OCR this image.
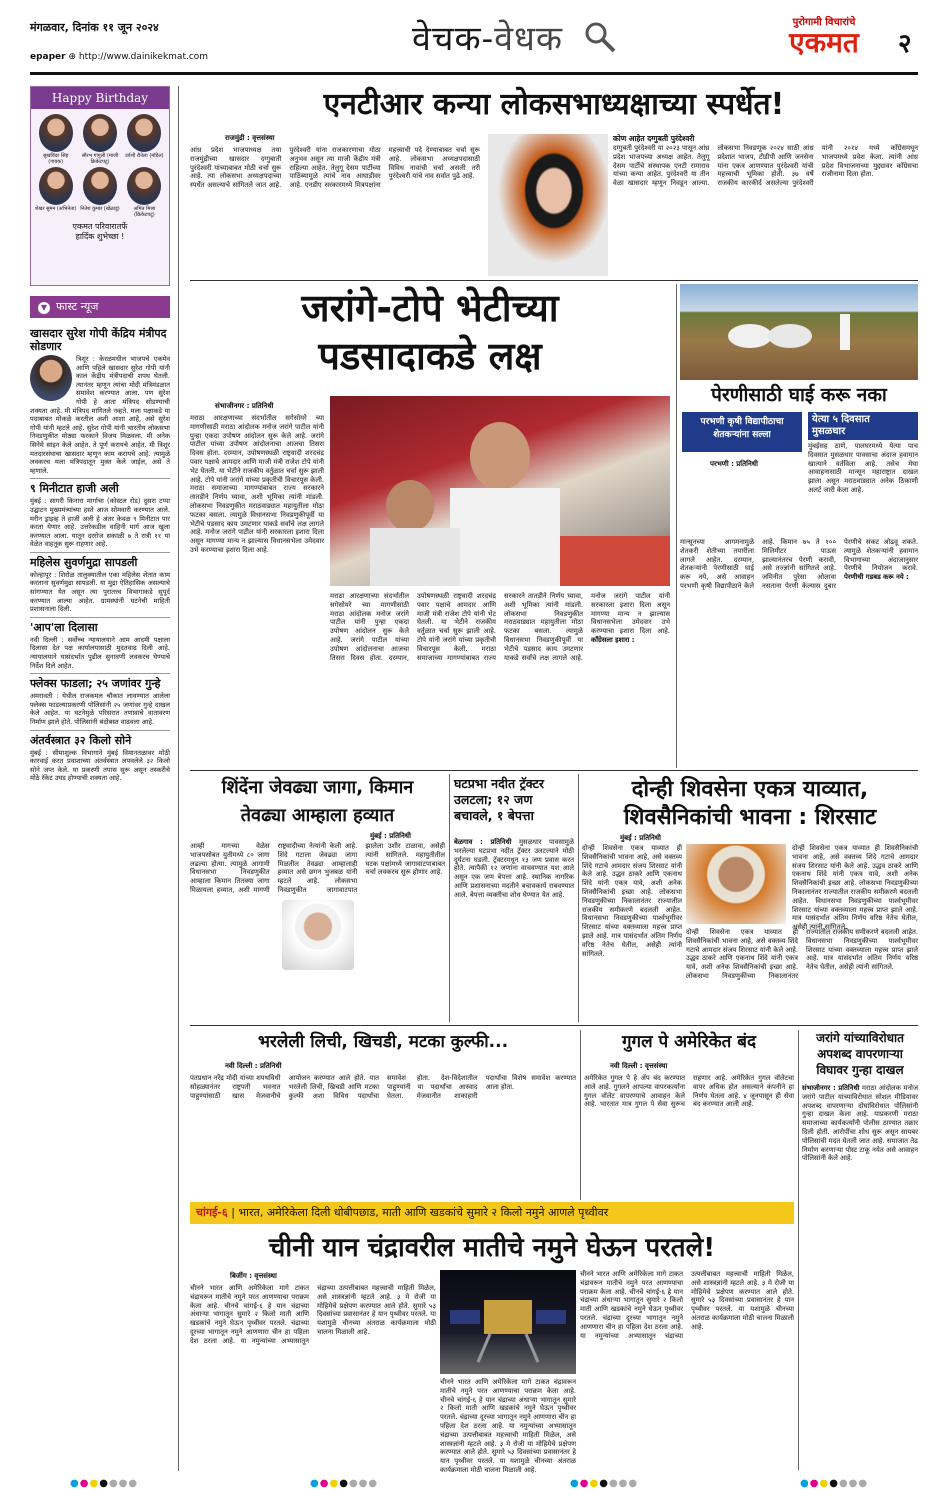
मंगळवार, दिनांक ११ जून २०२४
epaper ⊕ http://www.dainikekmat.com	वेचक-वेधक	पुरोगामी विचारांचे
एकमत	२
Happy Birthday
सुखविंदर सिंह (गायक)
सौरभ गांगुली (माजी क्रिकेटपटू)
उर्वशी रौतेला (मॉडेल)
शेखर सुमन (अभिनेता) नितेश कुमार (खेळाडू)	अमित मिश्रा (क्रिकेटपटू)
एकमत परिवारातर्फे
हार्दिक शुभेच्छा !
▼ फास्ट न्यूज
खासदार सुरेश गोपी केंद्रिय मंत्रीपद सोडणार
त्रिशूर : केरळमधील भाजपचे एकमेव आणि पहिले खासदार सुरेश गोपी यांनी काल केंद्रीय मंत्रीपदाची शपथ घेतली. त्यानंतर म्हणून त्यांचा मोदी मंत्रिमंडळात समावेश करण्यात आला. पण सुरेश गोपी हे आता मंत्रिपद सोडण्याची शक्यता आहे. मी मंत्रिपद मागितले नव्हते. मला पक्षाकडे या पदाबाबत मोकळे करतील अशी आशा आहे, असे सुरेश गोपी यांनी म्हटले आहे. सुरेश गोपी यांनी भारतीय लोकसभा निवडणुकीत मोठ्या फरकाने विजय मिळवला. मी अनेक सिनेमे साइन केले आहेत. ते पूर्ण करायचे आहेत. मी त्रिशूर मतदारसंघाचा खासदार म्हणून काम करायचे आहे. त्यामुळे लवकरच मला मंत्रिपदातून मुक्त केले जाईल, असे ते म्हणाले.
९ मिनीटात हाजी अली
मुंबई : सागरी किनारा मार्गाचा (कोस्टल रोड) दुसरा टप्पा उद्घाटन मुख्यमंत्र्यांच्या हस्ते आज सोमवारी करण्यात आले. मरीन ड्राइव्ह ते हाजी अली हे अंतर केवळ ९ मिनीटात पार करता येणार आहे. उत्तरेकडील वाहिनी मार्ग आज खुला करण्यात आला. यातून दररोज सकाळी ७ ते रात्री ११ या वेळेत वाहतूक सुरू राहणार आहे.
महिलेस सुवर्णमुद्रा सापडली
कोल्हापूर : शिरोळ तालुक्यातील एका महिलेस शेतात काम करताना सुवर्णमुद्रा सापडली. या मुद्रा ऐतिहासिक असल्याचे सांगण्यात येत असून त्या पुरातत्त्व विभागाकडे सुपूर्द करण्यात आल्या आहेत. ग्रामस्थांनी घटनेची माहिती प्रशासनाला दिली.
'आप'ला दिलासा
नवी दिल्ली : सर्वोच्च न्यायालयाने आम आदमी पक्षाला दिलासा देत पक्ष कार्यालयासाठी मुदतवाढ दिली आहे. न्यायालयाने यासंदर्भात पुढील सुनावणी लवकरच घेण्याचे निर्देश दिले आहेत.
फ्लेक्स फाडला; २५ जणांवर गुन्हे
अमरावती : येथील राजकमल चौकात लावण्यात आलेला फ्लेक्स फाडल्याप्रकरणी पोलिसांनी २५ जणांवर गुन्हे दाखल केले आहेत. या घटनेमुळे परिसरात तणावाचे वातावरण निर्माण झाले होते. पोलिसांनी बंदोबस्त वाढवला आहे.
अंतर्वस्त्रात ३२ किलो सोने
मुंबई : सीमाशुल्क विभागाने मुंबई विमानतळावर मोठी कारवाई करत प्रवाशाच्या अंतर्वस्त्रात लपवलेले ३२ किलो सोने जप्त केले. या प्रकरणी तपास सुरू असून तस्करीचे मोठे रॅकेट उघड होण्याची शक्यता आहे.
एनटीआर कन्या लोकसभाध्यक्षाच्या स्पर्धेत!
राजमुंद्री : वृत्तसंस्था
आंध्र प्रदेश भाजपाध्यक्ष तथा राजमुंद्रीच्या खासदार दग्गुबाती पुरंदेश्वरी यांच्याबाबत मोठी चर्चा सुरू आहे. त्या लोकसभा अध्यक्षपदाच्या स्पर्धेत असल्याचे सांगितले जात आहे. पुरंदेश्वरी यांना राजकारणाचा मोठा अनुभव असून त्या माजी केंद्रीय मंत्री राहिल्या आहेत. तेलुगू देसम पार्टीच्या पाठिंब्यामुळे त्यांचे नाव आघाडीवर आहे. एनडीए सरकारमध्ये मित्रपक्षांना महत्त्वाची पदे देण्याबाबत चर्चा सुरू आहे. लोकसभा अध्यक्षपदासाठी विविध नावांची चर्चा असली तरी पुरंदेश्वरी यांचे नाव सर्वात पुढे आहे.
कोण आहेत दग्गुबती पुरंदेश्वरी
दग्गुबती पुरंदेश्वरी या २०२३ पासून आंध्र प्रदेश भाजपच्या अध्यक्ष आहेत. तेलुगू देसम पार्टीचे संस्थापक एनटी रामाराव यांच्या कन्या आहेत. पुरंदेश्वरी या तीन वेळा खासदार म्हणून निवडून आल्या. लोकसभा निवडणूक २०२४ साठी आंध्र प्रदेशात भाजप, टीडीपी आणि जनसेना यांना एकत्र आणण्यात पुरंदेश्वरी यांची महत्त्वाची भूमिका होती. ३७ वर्षे राजकीय कारकीर्द असलेल्या पुरंदेश्वरी यांनी २०१४ मध्ये काँग्रेसमधून भाजपमध्ये प्रवेश केला. त्यांनी आंध्र प्रदेश विभाजनाच्या मुद्द्यावर काँग्रेसचा राजीनामा दिला होता.
जरांगे-टोपे भेटीच्या
पडसादाकडे लक्ष
संभाजीनगर : प्रतिनिधी
मराठा आरक्षणाच्या संदर्भातील सगेसोयरे च्या मागणीसाठी मराठा आंदोलक मनोज जरांगे पाटील यांनी पुन्हा एकदा उपोषण आंदोलन सुरू केले आहे. जरांगे पाटील यांच्या उपोषण आंदोलनाचा आजचा तिसरा दिवस होता. दरम्यान, उपोषणस्थळी राष्ट्रवादी शरदचंद्र पवार पक्षाचे आमदार आणि माजी मंत्री राजेश टोपे यांनी भेट घेतली. या भेटीने राजकीय वर्तुळात चर्चा सुरू झाली आहे. टोपे यांनी जरांगे यांच्या प्रकृतीची विचारपूस केली. मराठा समाजाच्या मागण्यांबाबत राज्य सरकारने तातडीने निर्णय घ्यावा, अशी भूमिका त्यांनी मांडली. लोकसभा निवडणुकीत मराठवाड्यात महायुतीला मोठा फटका बसला. त्यामुळे विधानसभा निवडणुकीपूर्वी या भेटीचे पडसाद काय उमटणार याकडे सर्वांचे लक्ष लागले आहे. मनोज जरांगे पाटील यांनी सरकारला इशारा दिला असून मागण्या मान्य न झाल्यास विधानसभेला उमेदवार उभे करण्याचा इशारा दिला आहे.
मराठा आरक्षणाच्या संदर्भातील सगेसोयरे च्या मागणीसाठी मराठा आंदोलक मनोज जरांगे पाटील यांनी पुन्हा एकदा उपोषण आंदोलन सुरू केले आहे. जरांगे पाटील यांच्या उपोषण आंदोलनाचा आजचा तिसरा दिवस होता. दरम्यान, उपोषणस्थळी राष्ट्रवादी शरदचंद्र पवार पक्षाचे आमदार आणि माजी मंत्री राजेश टोपे यांनी भेट घेतली. या भेटीने राजकीय वर्तुळात चर्चा सुरू झाली आहे. टोपे यांनी जरांगे यांच्या प्रकृतीची विचारपूस केली. मराठा समाजाच्या मागण्यांबाबत राज्य सरकारने तातडीने निर्णय घ्यावा, अशी भूमिका त्यांनी मांडली. लोकसभा निवडणुकीत मराठवाड्यात महायुतीला मोठा फटका बसला. त्यामुळे विधानसभा निवडणुकीपूर्वी या भेटीचे पडसाद काय उमटणार याकडे सर्वांचे लक्ष लागले आहे. मनोज जरांगे पाटील यांनी सरकारला इशारा दिला असून मागण्या मान्य न झाल्यास विधानसभेला उमेदवार उभे करण्याचा इशारा दिला आहे. काँग्रेसला इशारा :
पेरणीसाठी घाई करू नका
परभणी कृषी विद्यापीठाचा शेतकऱ्यांना सल्ला
येत्या ५ दिवसात
मुसळधार
मुंबईसह ठाणे, पालघरमध्ये येत्या पाच दिवसात मुसळधार पावसाचा अंदाज हवामान खात्याने वर्तविला आहे. तसेच मेघा आवाहनासाठी मान्सून महाराष्ट्रात दाखल झाला असून मराठवाड्यात अनेक ठिकाणी अलर्ट जारी केला आहे.
परभणी : प्रतिनिधी
मान्सूनच्या आगमनामुळे शेतकरी शेतीच्या तयारीला लागले आहेत. दरम्यान, शेतकऱ्यांनी पेरणीसाठी घाई करू नये, असे आवाहन परभणी कृषी विद्यापीठाने केले आहे. किमान ७५ ते १०० मिलिमीटर पाऊस झाल्यानंतरच पेरणी करावी, असे तज्ज्ञांनी सांगितले आहे. जमिनीत पुरेसा ओलावा नसताना पेरणी केल्यास दुबार पेरणीचे संकट ओढवू शकते. त्यामुळे शेतकऱ्यांनी हवामान विभागाच्या अंदाजानुसार पेरणीचे नियोजन करावे. पेरणीची गडबड करू नये :
शिंदेंना जेवढ्या जागा, किमान
तेवढ्या आम्हाला हव्यात
मुंबई : प्रतिनिधी
आम्ही मागच्या वेळेस भाजपसोबत युतीमध्ये ८० जागा लढल्या होत्या. त्यामुळे आगामी विधानसभा निवडणुकीत आम्हाला किमान तितक्या जागा मिळायला हव्यात, अशी मागणी राष्ट्रवादीच्या नेत्यांनी केली आहे. शिंदे गटाला जेवढ्या जागा मिळतील तेवढ्या आम्हालाही हव्यात असे छगन भुजबळ यांनी म्हटले आहे. लोकसभा निवडणुकीत जागावाटपात झालेला उशीर टाळावा, असेही त्यांनी सांगितले. महायुतीतील घटक पक्षांमध्ये जागावाटपाबाबत चर्चा लवकरच सुरू होणार आहे.
घटप्रभा नदीत ट्रॅक्टर उलटला; १२ जण बचावले, १ बेपत्ता
बेळगाव : प्रतिनिधी मुसळधार पावसामुळे भरलेल्या घटप्रभा नदीत ट्रॅक्टर उलटल्याने मोठी दुर्घटना घडली. ट्रॅक्टरमधून १३ जण प्रवास करत होते. त्यापैकी १२ जणांना वाचवण्यात यश आले असून एक जण बेपत्ता आहे. स्थानिक नागरिक आणि प्रशासनाच्या मदतीने बचावकार्य राबवण्यात आले. बेपत्ता व्यक्तीचा शोध घेण्यात येत आहे.
दोन्ही शिवसेना एकत्र याव्यात,
शिवसैनिकांची भावना : शिरसाट
मुंबई : प्रतिनिधी
दोन्ही शिवसेना एकत्र याव्यात ही शिवसैनिकांची भावना आहे, असे वक्तव्य शिंदे गटाचे आमदार संजय शिरसाट यांनी केले आहे. उद्धव ठाकरे आणि एकनाथ शिंदे यांनी एकत्र यावे, अशी अनेक शिवसैनिकांची इच्छा आहे. लोकसभा निवडणुकीच्या निकालानंतर राज्यातील राजकीय समीकरणे बदलली आहेत. विधानसभा निवडणुकीच्या पार्श्वभूमीवर शिरसाट यांच्या वक्तव्याला महत्त्व प्राप्त झाले आहे. मात्र यासंदर्भात अंतिम निर्णय वरिष्ठ नेतेच घेतील, असेही त्यांनी सांगितले.
दोन्ही शिवसेना एकत्र याव्यात ही शिवसैनिकांची भावना आहे, असे वक्तव्य शिंदे गटाचे आमदार संजय शिरसाट यांनी केले आहे. उद्धव ठाकरे आणि एकनाथ शिंदे यांनी एकत्र यावे, अशी अनेक शिवसैनिकांची इच्छा आहे. लोकसभा निवडणुकीच्या निकालानंतर राज्यातील राजकीय समीकरणे बदलली आहेत. विधानसभा निवडणुकीच्या पार्श्वभूमीवर शिरसाट यांच्या वक्तव्याला महत्त्व प्राप्त झाले आहे. मात्र यासंदर्भात अंतिम निर्णय वरिष्ठ नेतेच घेतील, असेही त्यांनी सांगितले.
दोन्ही शिवसेना एकत्र याव्यात ही शिवसैनिकांची भावना आहे, असे वक्तव्य शिंदे गटाचे आमदार संजय शिरसाट यांनी केले आहे. उद्धव ठाकरे आणि एकनाथ शिंदे यांनी एकत्र यावे, अशी अनेक शिवसैनिकांची इच्छा आहे. लोकसभा निवडणुकीच्या निकालानंतर राज्यातील राजकीय समीकरणे बदलली आहेत. विधानसभा निवडणुकीच्या पार्श्वभूमीवर शिरसाट यांच्या वक्तव्याला महत्त्व प्राप्त झाले आहे. मात्र यासंदर्भात अंतिम निर्णय वरिष्ठ नेतेच घेतील, असेही त्यांनी सांगितले.
भरलेली लिची, खिचडी, मटका कुल्फी...
नवी दिल्ली : प्रतिनिधी
पंतप्रधान नरेंद्र मोदी यांच्या शपथविधी सोहळ्यानंतर राष्ट्रपती भवनात पाहुण्यांसाठी खास मेजवानीचे आयोजन करण्यात आले होते. यात भरलेली लिची, खिचडी आणि मटका कुल्फी अशा विविध पदार्थांचा समावेश होता. देश-विदेशातील पाहुण्यांनी या पदार्थांचा आस्वाद घेतला. मेजवानीत शाकाहारी पदार्थांचा विशेष समावेश करण्यात आला होता.
गुगल पे अमेरिकेत बंद
नवी दिल्ली : वृत्तसंस्था
अमेरिकेत गुगल पे हे ॲप बंद करण्यात आले आहे. गुगलने आपल्या वापरकर्त्यांना गुगल वॉलेट वापरण्याचे आवाहन केले आहे. भारतात मात्र गुगल पे सेवा सुरूच राहणार आहे. अमेरिकेत गुगल वॉलेटचा वापर अधिक होत असल्याने कंपनीने हा निर्णय घेतला आहे. ४ जूनपासून ही सेवा बंद करण्यात आली आहे.
जरांगे यांच्याविरोधात अपशब्द वापरणाऱ्या विघावर गुन्हा दाखल
संभाजीनगर : प्रतिनिधी मराठा आंदोलक मनोज जरांगे पाटील यांच्याविरोधात सोशल मीडियावर अपशब्द वापरणाऱ्या दोघांविरोधात पोलिसांनी गुन्हा दाखल केला आहे. याप्रकरणी मराठा समाजाच्या कार्यकर्त्यांनी पोलीस ठाण्यात तक्रार दिली होती. आरोपींचा शोध सुरू असून सायबर पोलिसांची मदत घेतली जात आहे. समाजात तेढ निर्माण करणाऱ्या पोस्ट टाकू नयेत असे आवाहन पोलिसांनी केले आहे.
चांगई-६ | भारत, अमेरिकेला दिली धोबीपछाड, माती आणि खडकांचे सुमारे २ किलो नमुने आणले पृथ्वीवर
चीनी यान चंद्रावरील मातीचे नमुने घेऊन परतले!
बिजींग : वृत्तसंस्था
चीनने भारत आणि अमेरिकेला मागे टाकत चंद्रावरून मातीचे नमुने परत आणण्याचा पराक्रम केला आहे. चीनचे चांगई-६ हे यान चंद्राच्या अंधाऱ्या भागातून सुमारे २ किलो माती आणि खडकांचे नमुने घेऊन पृथ्वीवर परतले. चंद्राच्या दूरच्या भागातून नमुने आणणारा चीन हा पहिला देश ठरला आहे. या नमुन्यांच्या अभ्यासातून चंद्राच्या उत्पत्तीबाबत महत्त्वाची माहिती मिळेल, असे शास्त्रज्ञांनी म्हटले आहे. ३ मे रोजी या मोहिमेचे प्रक्षेपण करण्यात आले होते. सुमारे ५३ दिवसांच्या प्रवासानंतर हे यान पृथ्वीवर परतले. या यशामुळे चीनच्या अंतराळ कार्यक्रमाला मोठी चालना मिळाली आहे.
चीनने भारत आणि अमेरिकेला मागे टाकत चंद्रावरून मातीचे नमुने परत आणण्याचा पराक्रम केला आहे. चीनचे चांगई-६ हे यान चंद्राच्या अंधाऱ्या भागातून सुमारे २ किलो माती आणि खडकांचे नमुने घेऊन पृथ्वीवर परतले. चंद्राच्या दूरच्या भागातून नमुने आणणारा चीन हा पहिला देश ठरला आहे. या नमुन्यांच्या अभ्यासातून चंद्राच्या उत्पत्तीबाबत महत्त्वाची माहिती मिळेल, असे शास्त्रज्ञांनी म्हटले आहे. ३ मे रोजी या मोहिमेचे प्रक्षेपण करण्यात आले होते. सुमारे ५३ दिवसांच्या प्रवासानंतर हे यान पृथ्वीवर परतले. या यशामुळे चीनच्या अंतराळ कार्यक्रमाला मोठी चालना मिळाली आहे.
चीनने भारत आणि अमेरिकेला मागे टाकत चंद्रावरून मातीचे नमुने परत आणण्याचा पराक्रम केला आहे. चीनचे चांगई-६ हे यान चंद्राच्या अंधाऱ्या भागातून सुमारे २ किलो माती आणि खडकांचे नमुने घेऊन पृथ्वीवर परतले. चंद्राच्या दूरच्या भागातून नमुने आणणारा चीन हा पहिला देश ठरला आहे. या नमुन्यांच्या अभ्यासातून चंद्राच्या उत्पत्तीबाबत महत्त्वाची माहिती मिळेल, असे शास्त्रज्ञांनी म्हटले आहे. ३ मे रोजी या मोहिमेचे प्रक्षेपण करण्यात आले होते. सुमारे ५३ दिवसांच्या प्रवासानंतर हे यान पृथ्वीवर परतले. या यशामुळे चीनच्या अंतराळ कार्यक्रमाला मोठी चालना मिळाली आहे.
●●●●●●●	●●●●●●●	●●●●●●●	●●●●●●●
